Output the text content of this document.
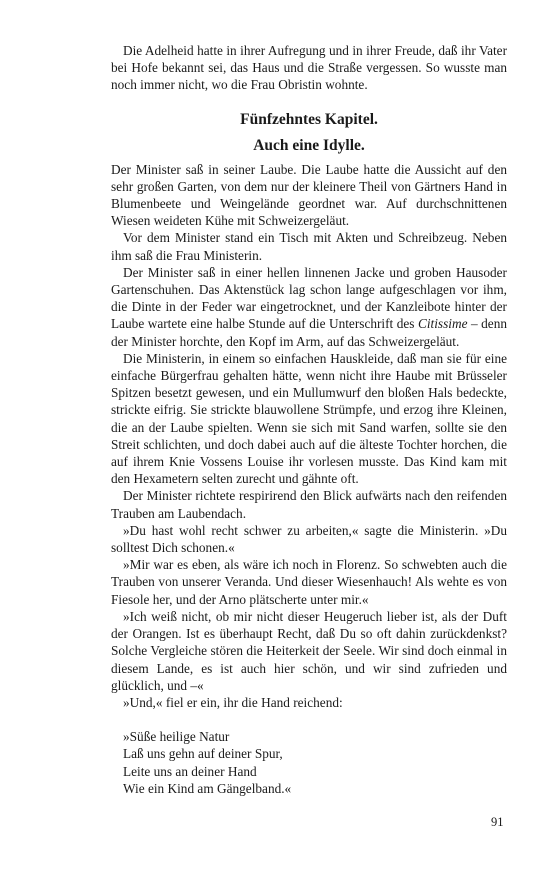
Die Adelheid hatte in ihrer Aufregung und in ihrer Freude, daß ihr Vater bei Hofe bekannt sei, das Haus und die Straße vergessen. So wusste man noch immer nicht, wo die Frau Obristin wohnte.

Fünfzehntes Kapitel.
Auch eine Idylle.

Der Minister saß in seiner Laube. Die Laube hatte die Aussicht auf den sehr großen Garten, von dem nur der kleinere Theil von Gärtners Hand in Blumenbeete und Weingelände geordnet war. Auf durchschnittenen Wiesen weideten Kühe mit Schweizergeläut.

Vor dem Minister stand ein Tisch mit Akten und Schreibzeug. Neben ihm saß die Frau Ministerin.

Der Minister saß in einer hellen linnenen Jacke und groben Hausoder Gartenschuhen. Das Aktenstück lag schon lange aufgeschlagen vor ihm, die Dinte in der Feder war eingetrocknet, und der Kanzleibote hinter der Laube wartete eine halbe Stunde auf die Unterschrift des Citissime – denn der Minister horchte, den Kopf im Arm, auf das Schweizergeläut.

Die Ministerin, in einem so einfachen Hauskleide, daß man sie für eine einfache Bürgerfrau gehalten hätte, wenn nicht ihre Haube mit Brüsseler Spitzen besetzt gewesen, und ein Mullumwurf den bloßen Hals bedeckte, strickte eifrig. Sie strickte blauwollene Strümpfe, und erzog ihre Kleinen, die an der Laube spielten. Wenn sie sich mit Sand warfen, sollte sie den Streit schlichten, und doch dabei auch auf die älteste Tochter horchen, die auf ihrem Knie Vossens Louise ihr vorlesen musste. Das Kind kam mit den Hexametern selten zurecht und gähnte oft.

Der Minister richtete respirirend den Blick aufwärts nach den reifenden Trauben am Laubendach.

»Du hast wohl recht schwer zu arbeiten,« sagte die Ministerin. »Du solltest Dich schonen.«

»Mir war es eben, als wäre ich noch in Florenz. So schwebten auch die Trauben von unserer Veranda. Und dieser Wiesenhauch! Als wehte es von Fiesole her, und der Arno plätscherte unter mir.«

»Ich weiß nicht, ob mir nicht dieser Heugeruch lieber ist, als der Duft der Orangen. Ist es überhaupt Recht, daß Du so oft dahin zurückdenkst? Solche Vergleiche stören die Heiterkeit der Seele. Wir sind doch einmal in diesem Lande, es ist auch hier schön, und wir sind zufrieden und glücklich, und –«

»Und,« fiel er ein, ihr die Hand reichend:

»Süße heilige Natur
Laß uns gehn auf deiner Spur,
Leite uns an deiner Hand
Wie ein Kind am Gängelband.«
91
